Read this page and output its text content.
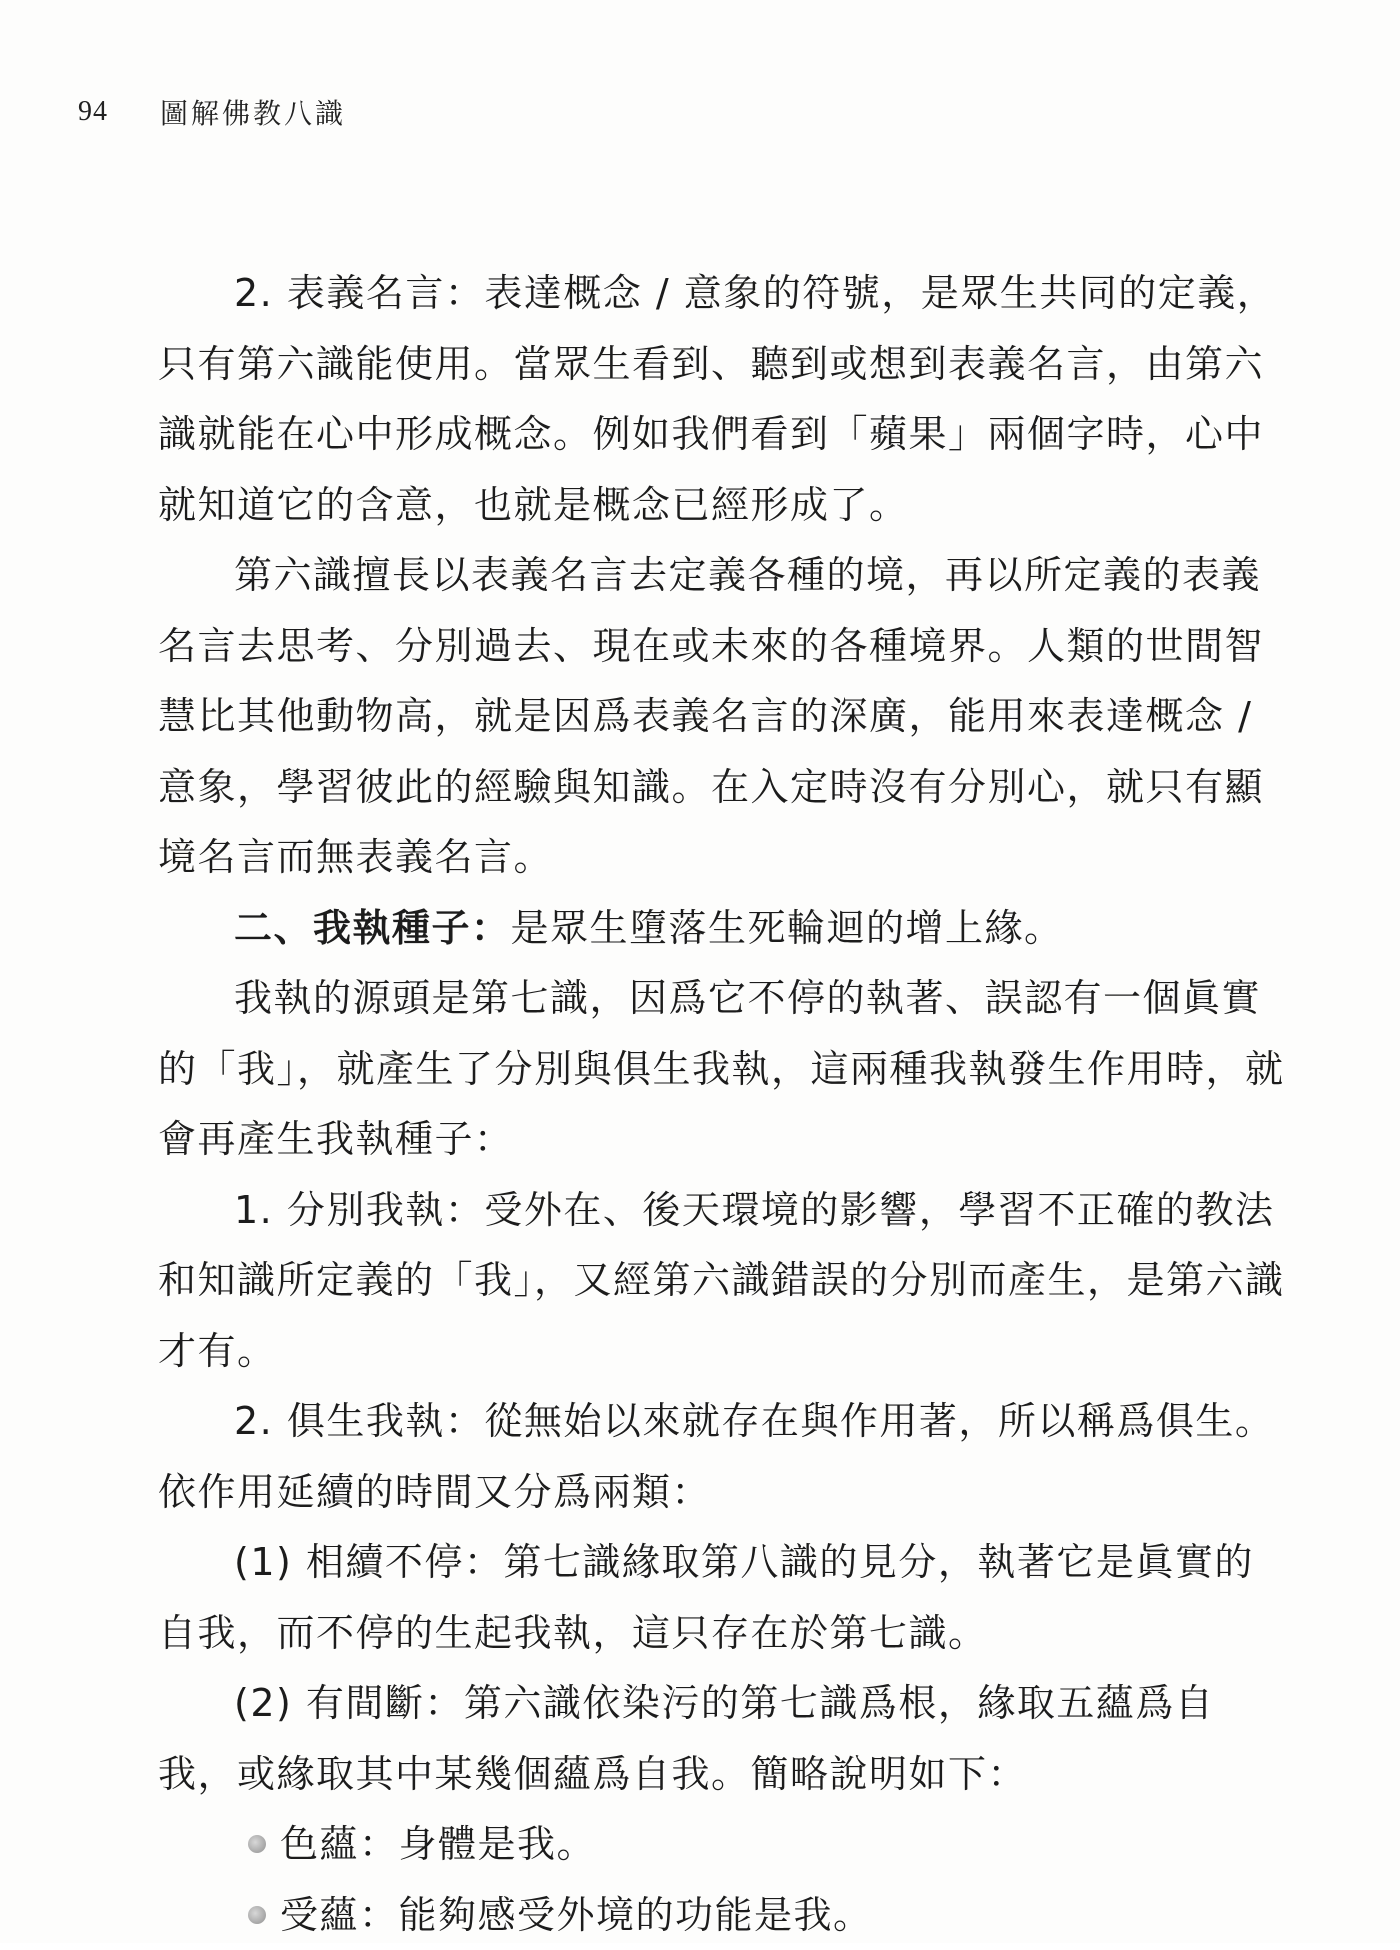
94	圖解佛教八識

2. 表義名言：表達概念 / 意象的符號，是眾生共同的定義，只有第六識能使用。當眾生看到、聽到或想到表義名言，由第六識就能在心中形成概念。例如我們看到「蘋果」兩個字時，心中就知道它的含意，也就是概念已經形成了。

第六識擅長以表義名言去定義各種的境，再以所定義的表義名言去思考、分別過去、現在或未來的各種境界。人類的世間智慧比其他動物高，就是因爲表義名言的深廣，能用來表達概念 / 意象，學習彼此的經驗與知識。在入定時沒有分別心，就只有顯境名言而無表義名言。

二、我執種子：是眾生墮落生死輪迴的增上緣。

我執的源頭是第七識，因爲它不停的執著、誤認有一個眞實的「我」，就產生了分別與俱生我執，這兩種我執發生作用時，就會再產生我執種子：

1. 分別我執：受外在、後天環境的影響，學習不正確的教法和知識所定義的「我」，又經第六識錯誤的分別而產生，是第六識才有。

2. 俱生我執：從無始以來就存在與作用著，所以稱爲俱生。依作用延續的時間又分爲兩類：

(1) 相續不停：第七識緣取第八識的見分，執著它是眞實的自我，而不停的生起我執，這只存在於第七識。

(2) 有間斷：第六識依染污的第七識爲根，緣取五蘊爲自我，或緣取其中某幾個蘊爲自我。簡略說明如下：

色蘊：身體是我。

受蘊：能夠感受外境的功能是我。
